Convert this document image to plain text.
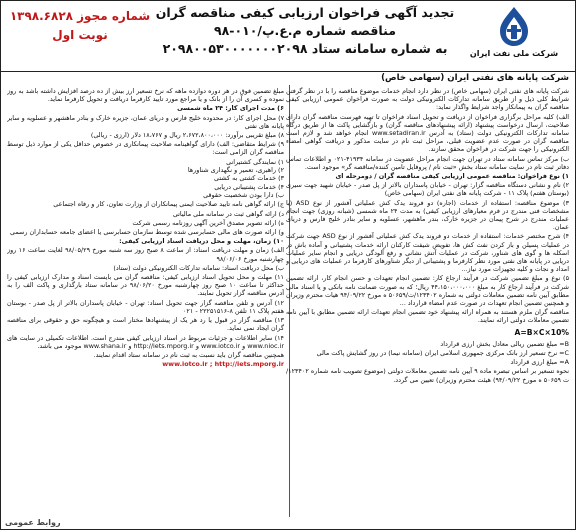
شرکت ملی نفت ایران
تجدید آگهی فراخوان ارزیابی کیفی مناقصه گران
مناقصه شماره م.ع.پ/۰۱۰-۹۸
به شماره سامانه ستاد ۲۰۹۸۰۰۵۳۰۰۰۰۰۰۰۲۰۹۸
شماره مجوز ۱۳۹۸.۶۸۲۸
نوبت اول
شرکت پایانه های نفتی ایران (سهامی خاص)
شرکت پایانه های نفتی ایران (سهامی خاص) در نظر دارد انجام خدمات موضوع مناقصه را با در نظر گرفتن شرایط کلی ذیل و از طریق سامانه تدارکات الکترونیکی دولت به صورت فراخوان عمومی ارزیابی کیفی مناقصه گران به پیمانکار واجد شرایط واگذار نماید:
الف) کلیه مراحل برگزاری فراخوان از دریافت و تحویل اسناد فراخوان تا تهیه فهرست مناقصه گران دارای صلاحیت، ارسال درخواست پیشنهاد (ارائه پیشنهادهای مناقصه گران) و بازگشایی پاکت ها از طریق درگاه سامانه تدارکات الکترونیکی دولت (ستاد) به آدرس www.setadiran.ir انجام خواهد شد و لازم است مناقصه گران در صورت عدم عضویت قبلی، مراحل ثبت نام در سایت مذکور و دریافت گواهی امضاء الکترونیکی را جهت شرکت در فراخوان محقق سازند.
ب) مرکز تماس سامانه ستاد در تهران جهت انجام مراحل عضویت در سامانه ۴۱۹۳۴-۰۲۱ و اطلاعات تماس دفاتر ثبت نام در سایت سامانه ستاد بخش «ثبت نام / پروفایل تامین کننده/مناقصه گر» موجود است.
۱) نوع فراخوان: مناقصه عمومی ارزیابی کیفی مناقصه گران / دومرحله ای
۲) نام و نشانی دستگاه مناقصه گزار: تهران - خیابان پاسداران بالاتر از پل صدر - خیابان شهید جهت سیری (بوستان هفتم) پلاک ۱۱ - شرکت پایانه های نفتی ایران (سهامی خاص)
۳) موضوع مناقصه: استفاده از خدمات (اجاره) دو فروند یدک کش عملیاتی آفشور از نوع ASD (با مشخصات فنی مندرج در فرم معیارهای ارزیابی کیفی) به مدت ۲۴ ماه شمسی (شبانه روزی) جهت انجام عملیات مندرج در شرح پیمان در جزیره خارک، بندر ماهشهر، عسلویه و سایر بنادر خلیج فارس و دریای عمان.
۴) شرح مختصر خدمات: استفاده از خدمات دو فروند یدک کش عملیاتی آفشور از نوع ASD جهت شرکت در عملیات پسیلن و باز کردن نفت کش ها، تفویض شیفت کارکنان ارائه خدمات پشتیبانی و آماده باش در اسکله ها و گوی های شناور، شرکت در عملیات آتش نشانی و رفع آلودگی دریایی و انجام سایر عملیات دریایی در پایانه های نفتی مورد نظر کارفرما و پشتیبانی از دیگر شناورهای کارفرما در عملیات های دریایی و امداد و نجات و کلیه تجهیزات مورد نیاز...
۵) نوع و مبلغ تضمین شرکت در فرآیند ارجاع کار: تضمین انجام تعهدات و حسن انجام کار، ارائه تضمین شرکت در فرآیند ارجاع کار به مبلغ ۴۴،۱۵۰،۰۰۰،۰۰۰ ریال؛ که به صورت ضمانت نامه بانکی و یا اسناد مالی مطابق آیین نامه تضمین معاملات دولتی به شماره ۱۲۳۴۰۲/ت/۵۰۶۵۹ ه مورخ ۹۴/۰۹/۲۲ هیات محترم وزیران و همچنین تضمین انجام تعهدات در صورت عدم امضاء قرارداد ...
مناقصه گران ملزم هستند به همراه ارائه پیشنهاد خود تضمین انجام تعهدات ارائه تضمین مطابق با آیین نامه تضمین معاملات دولتی ارائه نمایند.
A=B×C×10%
B= مبلغ تضمین ریالی معادل بخش ارزی قرارداد
C= نرخ تسعیر ارز بانک مرکزی جمهوری اسلامی ایران (سامانه نیما) در روز گشایش پاکت مالی
A= مبلغ ارزی قرارداد
نحوه تسعیر بر اساس تبصره ماده ۹ آیین نامه تضمین معاملات دولتی (موضوع تصویب نامه شماره ۱۲۳۴۰۲/ت ۵۰۶۵۹ ه مورخ ۹۴/۰۹/۲۲) هیئت محترم وزیران) تعیین می گردد.
مبلغ تضمین فوق در هر دوره دوازده ماهه که نرخ تسعیر ارز بیش از ده درصد افزایش داشته باشد به روز نموده و کسری آن را از بانک و یا مراجع مورد تایید کارفرما دریافت و تحویل کارفرما نماید.
۶) مدت اجرای کار: ۲۴ ماه شمسی
۷) محل اجرای کار: در محدوده خلیج فارس و دریای عمان، جزیره خارک و بنادر ماهشهر و عسلویه و سایر پایانه های نفتی
۸) مبلغ تقریبی برآورد: ۲،۶۷۲،۸۰۰،۰۰۰ ریال و ۱۸،۷۶۷ دلار (ارزی - ریالی)
۹) شرایط متقاضی: الف) دارای گواهینامه صلاحیت پیمانکاری در خصوص حداقل یکی از موارد ذیل توسط مناقصه گران الزامی است:
۱) نمایندگی کشتیرانی
۲) راهبری، تعمیر و نگهداری شناورها
۳) خدمات کشتی به کشتی
۴) خدمات پشتیبانی دریایی
ب) دارا بودن شخصیت حقوقی
ج) ارائه گواهی نامه تایید صلاحیت ایمنی پیمانکاران از وزارت تعاون، کار و رفاه اجتماعی
د) ارائه گواهی ثبت در سامانه ملی مالیاتی
ه) ارائه تصویر مصدق آخرین آگهی روزنامه رسمی شرکت
و) ارائه صورت های مالی حسابرسی شده توسط سازمان حسابرسی یا اعضای جامعه حسابداران رسمی
۱۰) زمان، مهلت و محل دریافت اسناد ارزیابی کیفی:
الف) زمان و مهلت دریافت اسناد: از ساعت ۸ صبح روز سه شنبه مورخ ۹۸/۰۵/۲۹ لغایت ساعت ۱۶ روز چهارشنبه مورخ ۹۸/۰۶/۰۶
ب) محل دریافت اسناد: سامانه تدارکات الکترونیکی دولت (ستاد)
۱۱) مهلت و محل تحویل اسناد ارزیابی کیفی: مناقصه گران می بایست اسناد و مدارک ارزیابی کیفی را حداکثر تا ساعت ۱۰ صبح روز چهارشنبه مورخ ۹۸/۰۶/۲۰ در سامانه ستاد بارگذاری و پاکت الف را به آدرس مناقصه گزار تحویل نمایند.
۱۲) آدرس و تلفن مناقصه گزار جهت تحویل اسناد: تهران - خیابان پاسداران بالاتر از پل صدر - بوستان هفتم پلاک ۱۱ تلفن ۸-۲۲۲۵۱۵۱۶ - ۰۲۱
۱۳) مناقصه گزار در قبول یا رد هر یک از پیشنهادها مختار است و هیچگونه حق و حقوقی برای مناقصه گران ایجاد نمی نماید.
۱۴) سایر اطلاعات و جزئیات مربوط در اسناد ارزیابی کیفی مندرج است. اطلاعات تکمیلی در سایت های www.nioc.ir و www.iotco.ir و http://iets.mporg.ir و www.shana.ir موجود می باشد.
همچنین مناقصه گران باید نسبت به ثبت نام در سامانه ستاد اقدام نمایند.
www.iotco.ir ; http://iets.mporg.ir
روابط عمومی
